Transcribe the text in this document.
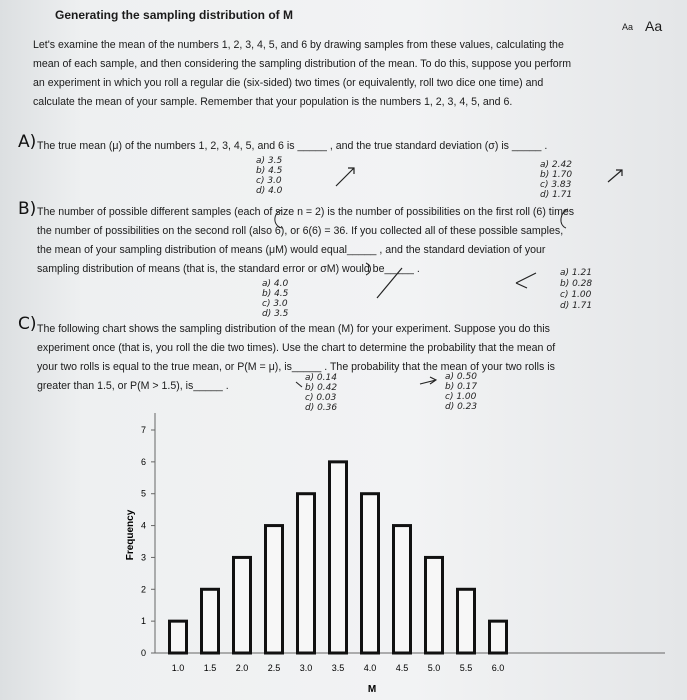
Generating the sampling distribution of M
Aa Aa
Let's examine the mean of the numbers 1, 2, 3, 4, 5, and 6 by drawing samples from these values, calculating the
mean of each sample, and then considering the sampling distribution of the mean. To do this, suppose you perform
an experiment in which you roll a regular die (six-sided) two times (or equivalently, roll two dice one time) and
calculate the mean of your sample. Remember that your population is the numbers 1, 2, 3, 4, 5, and 6.
A) The true mean (μ) of the numbers 1, 2, 3, 4, 5, and 6 is _____ , and the true standard deviation (σ) is _____ .
a) 3.5
b) 4.5
c) 3.0
d) 4.0
a) 2.42
b) 1.70
c) 3.83
d) 1.71
B) The number of possible different samples (each of size n = 2) is the number of possibilities on the first roll (6) times
the number of possibilities on the second roll (also 6), or 6(6) = 36. If you collected all of these possible samples,
the mean of your sampling distribution of means (μM) would equal_____ , and the standard deviation of your
sampling distribution of means (that is, the standard error or σM) would be_____ .
a) 4.0
b) 4.5
c) 3.0
d) 3.5
a) 1.21
b) 0.28
c) 1.00
d) 1.71
C) The following chart shows the sampling distribution of the mean (M) for your experiment. Suppose you do this
experiment once (that is, you roll the die two times). Use the chart to determine the probability that the mean of
your two rolls is equal to the true mean, or P(M = μ), is_____ . The probability that the mean of your two rolls is
greater than 1.5, or P(M > 1.5), is_____ .
a) 0.14
b) 0.42
c) 0.03
d) 0.36
a) 0.50
b) 0.17
c) 1.00
d) 0.23
0
1
2
3
4
5
6
7
1.0 1.5 2.0 2.5 3.0 3.5 4.0 4.5 5.0 5.5 6.0
Frequency
M
